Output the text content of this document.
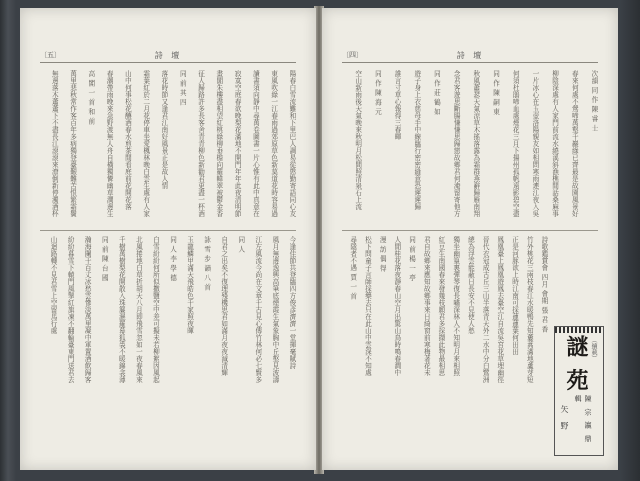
〔五〕	詩 壇
陽春白雪流難和下里巴人調易從慇勤寄語同心友
東風吹綠一江春雨過郊原草色新莫道花時容易過
讀書須向靜中尋萬卷圖書一片心惟有此中真意在
寂寞空庭春欲晚梨花滿地不開門年年此夜清明節
畫閣朱樓盡相望紅桃綠柳垂檐向羅幃翠被鬱金香
征人歸路許多長客舍青青柳色新勸君更盡一杯酒
同 前 其 四
落花時節又逢君江南好風景正是故人情
霜葉紅於二月花停車坐愛楓林晚白雲生處有人家
山中何事松花釀酒春水煎茶閒看庭前花開花落
春潮帶雨晚來急野渡無人舟自橫獨憐幽草澗邊生
高 閣 一 首 和 前
萬里悲秋常作客百年多病獨登臺艱難苦恨繁霜鬢
無邊落木蕭蕭下不盡長江滾滾來潦倒新停濁酒杯
今逢佳節共登臨四方俊彥濟濟一堂揮毫賦詩
風月無邊逸興高筆底煙霞生氣象胸中丘壑見波濤
江左風流今尚在文章千古見心傳竹林何必七賢多
同 人
自君之出矣不復理殘機思君如滿月夜夜減清輝
詠 雪 步 韻 八 首
玉龍鱗甲滿天飛皓色千家照夜暉
同 人 李 學 德
白雪紛紛何所似撒鹽空中差可擬未若柳絮因風起
北風捲地白草折胡天八月即飛雪忽如一夜春風來
千樹萬樹梨花開散入珠簾濕羅幕狐裘不暖錦衾薄
同 前 陳 台 國
瀚海闌干百丈冰愁雲慘淡萬里凝中軍置酒飲歸客
紛紛暮雪下轅門風掣紅旗凍不翻輪臺東門送君去
山迴路轉不見君雪上空留馬行處
〔四〕	詩 壇
次韻 同 作 陳 睿 士
春來何處不鶯啼萬壑千巖綠已齊最是故園風景好
柳陰深處有人家門前流水繞溪斜漁樵閒話桑麻事
一片冰心在玉壺洛陽親友如相問寒雨連江夜入吳
何須杜鵑啼血處煙花三月下揚州孤帆遠影碧空盡
同 作 陳 嗣 東
秋風蕭瑟天氣涼草木搖落露為霜群燕辭歸雁南翔
念君客遊思斷腸慊慊思歸戀故鄉君何淹留寄他方
同 作 莊 鶴 如
遊子身上衣慈母手中線臨行密密縫意恐遲遲歸
誰言寸草心報得三春暉
同 作 陳 海 元
空山新雨後天氣晚來秋明月松間照清泉石上流
詩歌鑑賞會 四月 會期 張 君 香
竹外桃花三兩枝春江水暖鴨先知蔞蒿滿地蘆芽短
正是河豚欲上時江南可採蓮蓮葉何田田
鳳凰臺上鳳凰遊鳳去臺空江自流吳宮花草埋幽徑
晉代衣冠成古丘三山半落青天外二水中分白鷺洲
總為浮雲能蔽日長安不見使人愁
獨坐幽篁裏彈琴復長嘯深林人不知明月來相照
紅豆生南國春來發幾枝願君多採擷此物最相思
君自故鄉來應知故鄉事來日綺窗前寒梅著花未
同 前 楊 一 亭
人閒桂花落夜靜春山空月出驚山鳥時鳴春澗中
漫 訪 偶 得
松下問童子言師採藥去只在此山中雲深不知處
尋隱者不遇 賈 一 首
謎 苑 （續載）
矢 野	陳 宗 瀛 鼎 輯
